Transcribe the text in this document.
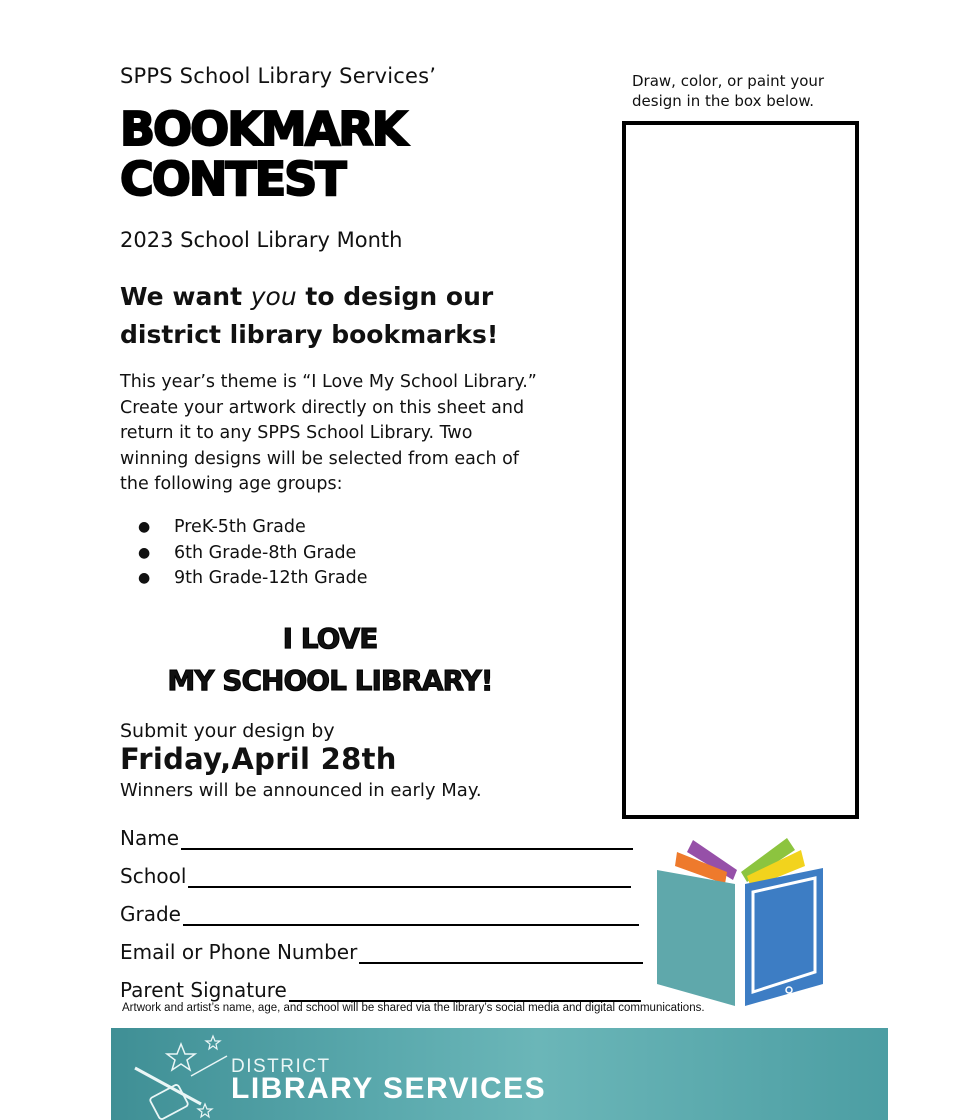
SPPS School Library Services’
BOOKMARK
CONTEST
2023 School Library Month
We want you to design our district library bookmarks!
This year’s theme is “I Love My School Library.” Create your artwork directly on this sheet and return it to any SPPS School Library. Two winning designs will be selected from each of the following age groups:
●	PreK-5th Grade
●	6th Grade-8th Grade
●	9th Grade-12th Grade
I LOVE
MY SCHOOL LIBRARY!
Submit your design by
Friday,April 28th
Winners will be announced in early May.
Name
School
Grade
Email or Phone Number
Parent Signature
Artwork and artist’s name, age, and school will be shared via the library’s social media and digital communications.
Draw, color, or paint your design in the box below.
DISTRICT
LIBRARY SERVICES
